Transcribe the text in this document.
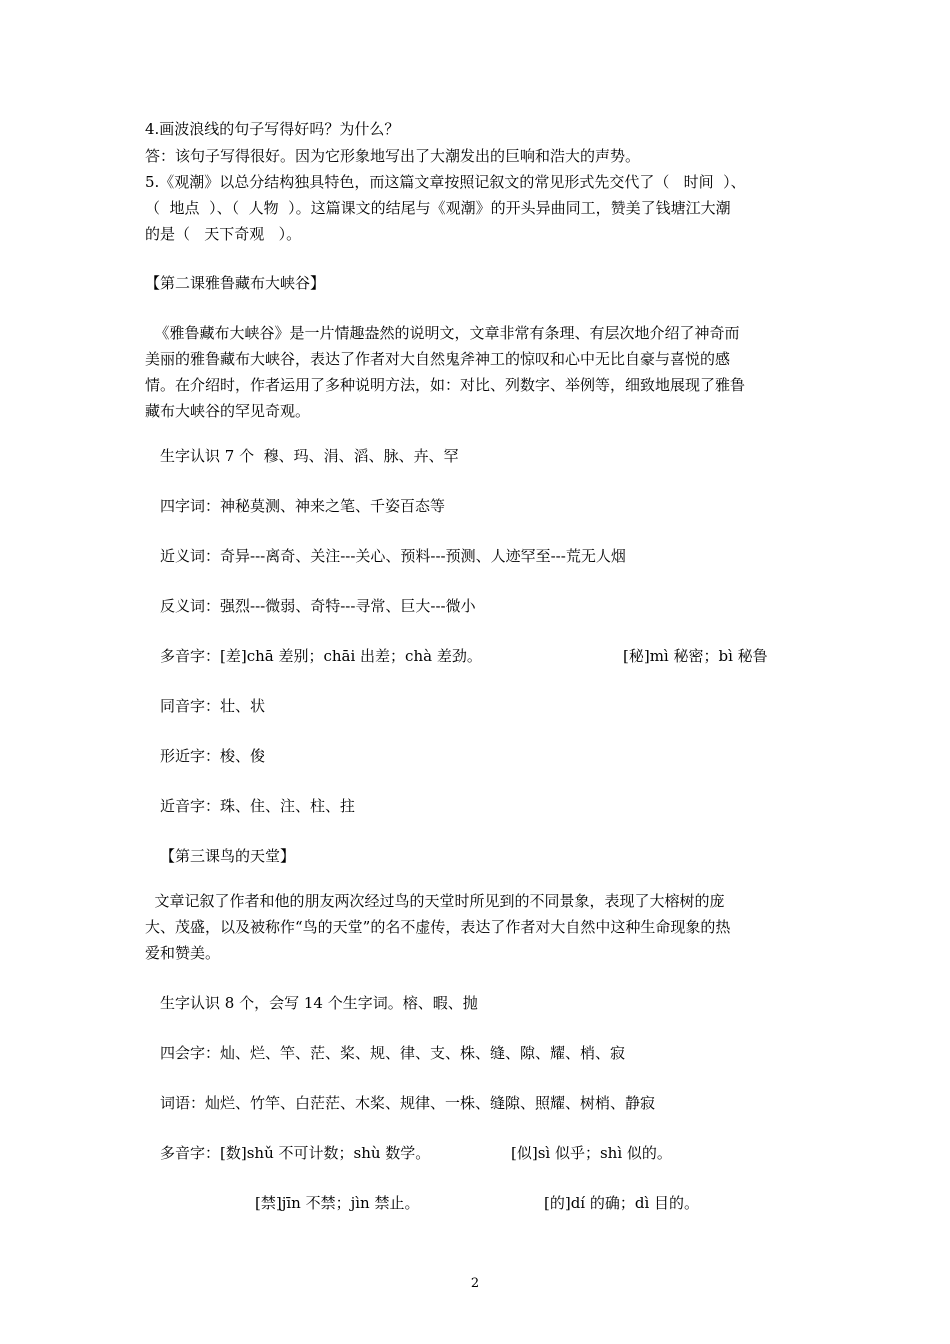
4.画波浪线的句子写得好吗？为什么？
答：该句子写得很好。因为它形象地写出了大潮发出的巨响和浩大的声势。
5.《观潮》以总分结构独具特色，而这篇文章按照记叙文的常见形式先交代了（   时间  ）、
（  地点  ）、（  人物  ）。这篇课文的结尾与《观潮》的开头异曲同工，赞美了钱塘江大潮
的是（   天下奇观   ）。
【第二课雅鲁藏布大峡谷】
《雅鲁藏布大峡谷》是一片情趣盎然的说明文，文章非常有条理、有层次地介绍了神奇而
美丽的雅鲁藏布大峡谷，表达了作者对大自然鬼斧神工的惊叹和心中无比自豪与喜悦的感
情。在介绍时，作者运用了多种说明方法，如：对比、列数字、举例等，细致地展现了雅鲁
藏布大峡谷的罕见奇观。
生字认识 7 个  穆、玛、涓、滔、脉、卉、罕
四字词：神秘莫测、神来之笔、千姿百态等
近义词：奇异---离奇、关注---关心、预料---预测、人迹罕至---荒无人烟
反义词：强烈---微弱、奇特---寻常、巨大---微小
多音字：[差]chā 差别；chāi 出差；chà 差劲。	[秘]mì 秘密；bì 秘鲁
同音字：壮、状
形近字：梭、俊
近音字：珠、住、注、柱、拄
【第三课鸟的天堂】
文章记叙了作者和他的朋友两次经过鸟的天堂时所见到的不同景象，表现了大榕树的庞
大、茂盛，以及被称作“鸟的天堂”的名不虚传，表达了作者对大自然中这种生命现象的热
爱和赞美。
生字认识 8 个，会写 14 个生字词。榕、暇、抛
四会字：灿、烂、竿、茫、桨、规、律、支、株、缝、隙、耀、梢、寂
词语：灿烂、竹竿、白茫茫、木桨、规律、一株、缝隙、照耀、树梢、静寂
多音字：[数]shǔ 不可计数；shù 数学。	[似]sì 似乎；shì 似的。
[禁]jīn 不禁；jìn 禁止。	[的]dí 的确；dì 目的。
2
